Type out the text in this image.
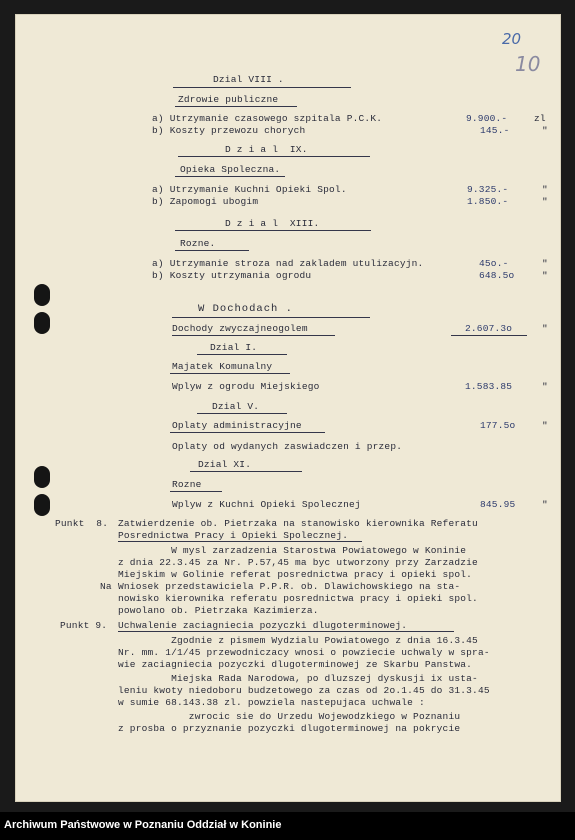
20
10
Dzial VIII .
Zdrowie publiczne
a) Utrzymanie czasowego szpitala P.C.K.	9.900.-	zl
b) Koszty przewozu chorych	145.-	"
D z i a l  IX.
Opieka Spoleczna.
a) Utrzymanie Kuchni Opieki Spol.	9.325.-	"
b) Zapomogi ubogim	1.850.-	"
D z i a l  XIII.
Rozne.
a) Utrzymanie stroza nad zakladem utulizacyjn.	45o.-	"
b) Koszty utrzymania ogrodu	648.5o	"
W Dochodach .
Dochody zwyczajneogolem	2.607.3o	"
Dzial I.
Majatek Komunalny
Wplyw z ogrodu Miejskiego	1.583.85	"
Dzial V.
Oplaty administracyjne	177.5o	"
Oplaty od wydanych zaswiadczen i przep.
Dzial XI.
Rozne
Wplyw z Kuchni Opieki Spolecznej	845.95	"
Punkt  8. Zatwierdzenie ob. Pietrzaka na stanowisko kierownika Referatu
Posrednictwa Pracy i Opieki Spolecznej.
W mysl zarzadzenia Starostwa Powiatowego w Koninie
z dnia 22.3.45 za Nr. P.57,45 ma byc utworzony przy Zarzadzie
Miejskim w Golinie referat posrednictwa pracy i opieki spol.
Na Wniosek przedstawiciela P.P.R. ob. Dlawichowskiego na sta-
nowisko kierownika referatu posrednictwa pracy i opieki spol.
powolano ob. Pietrzaka Kazimierza.
Punkt 9. Uchwalenie zaciagniecia pozyczki dlugoterminowej.
Zgodnie z pismem Wydzialu Powiatowego z dnia 16.3.45
Nr. mm. 1/1/45 przewodniczacy wnosi o powziecie uchwaly w spra-
wie zaciagniecia pozyczki dlugoterminowej ze Skarbu Panstwa.
Miejska Rada Narodowa, po dluzszej dyskusji ix usta-
leniu kwoty niedoboru budzetowego za czas od 2o.1.45 do 31.3.45
w sumie 68.143.38 zl. powziela nastepujaca uchwale :
zwrocic sie do Urzedu Wojewodzkiego w Poznaniu
z prosba o przyznanie pozyczki dlugoterminowej na pokrycie
Archiwum Państwowe w Poznaniu Oddział w Koninie
